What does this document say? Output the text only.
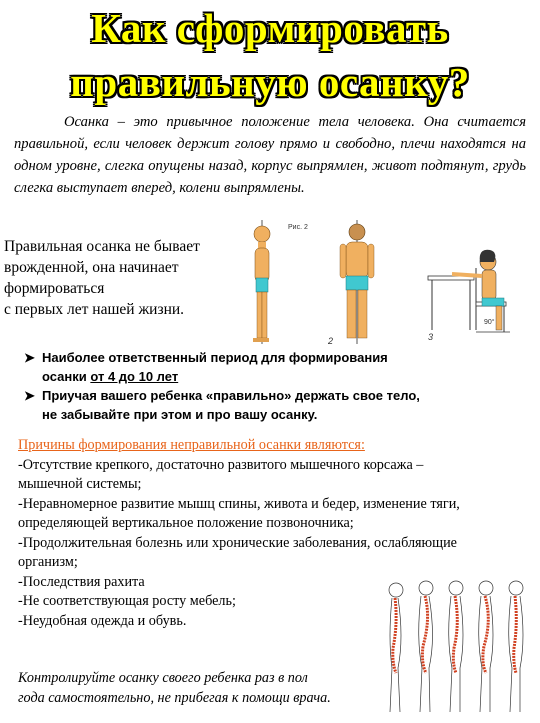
Как сформировать
правильную осанку?
Осанка – это привычное положение тела человека. Она считается правильной, если человек держит голову прямо и свободно, плечи находятся на одном уровне, слегка опущены назад, корпус выпрямлен, живот подтянут, грудь слегка выступает вперед, колени выпрямлены.
Правильная осанка не бывает
врожденной, она начинает
формироваться
с первых лет нашей жизни.
Рис. 2
90°
2	3
➤ Наиболее ответственный период для формирования
осанки от 4 до 10 лет
➤ Приучая вашего ребенка «правильно» держать свое тело,
не забывайте при этом и про вашу осанку.
Причины формирования неправильной осанки являются:
-Отсутствие крепкого, достаточно развитого мышечного корсажа –
мышечной системы;
-Неравномерное развитие мышц спины, живота и бедер, изменение тяги,
определяющей вертикальное положение позвоночника;
-Продолжительная болезнь или хронические заболевания, ослабляющие
организм;
-Последствия рахита
-Не соответствующая росту мебель;
-Неудобная одежда и обувь.
Контролируйте осанку своего ребенка раз в пол
года самостоятельно, не прибегая к помощи врача.
